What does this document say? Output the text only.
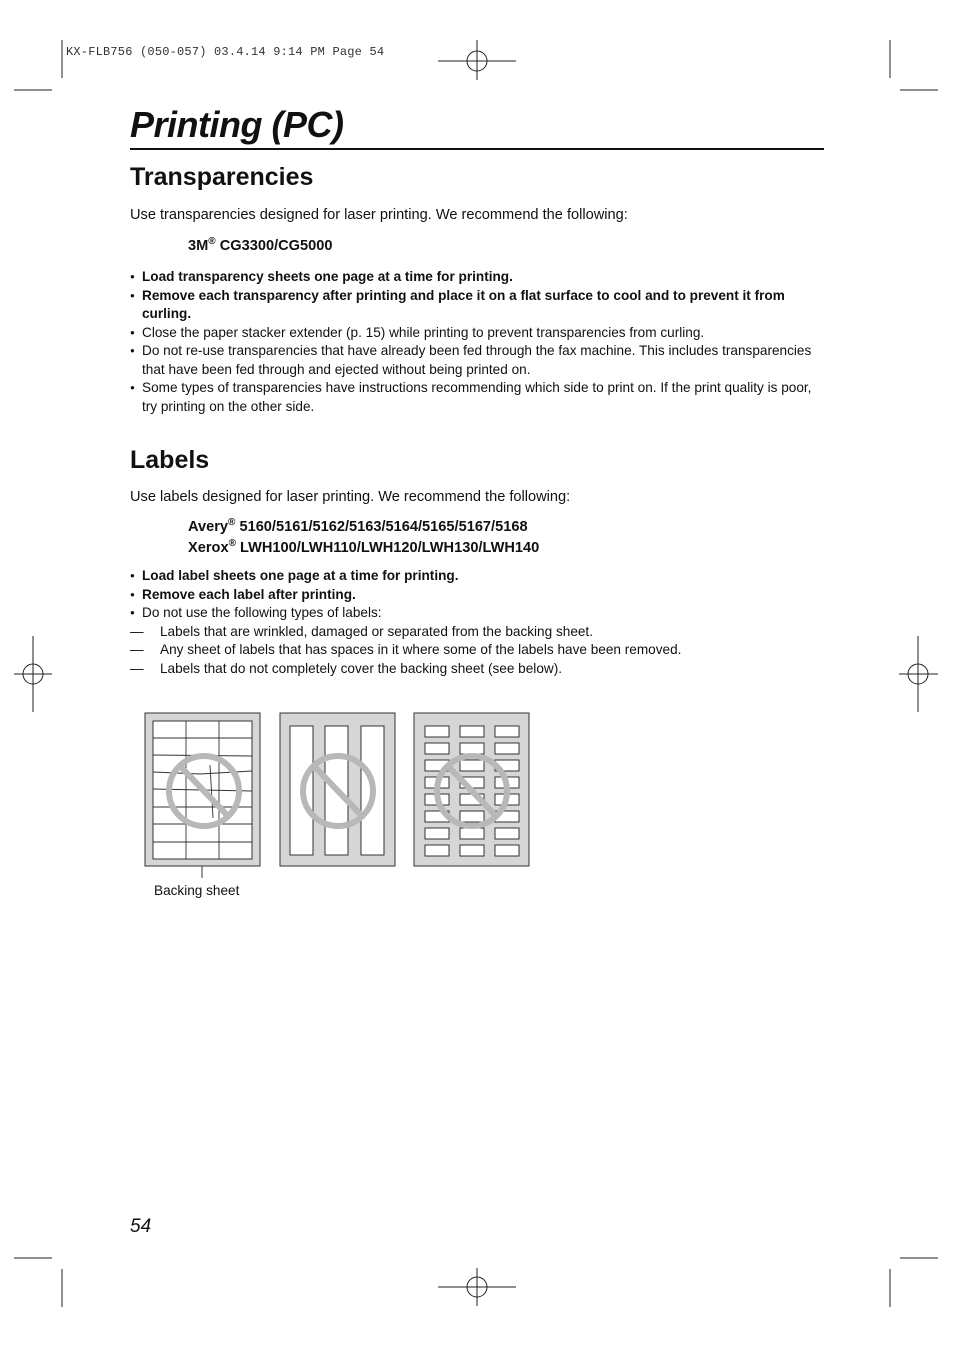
KX-FLB756 (050-057) 03.4.14 9:14 PM Page 54
Printing (PC)
Transparencies

Use transparencies designed for laser printing. We recommend the following:

3M® CG3300/CG5000

● Load transparency sheets one page at a time for printing.
● Remove each transparency after printing and place it on a flat surface to cool and to prevent it from curling.
● Close the paper stacker extender (p. 15) while printing to prevent transparencies from curling.
● Do not re-use transparencies that have already been fed through the fax machine. This includes transparencies that have been fed through and ejected without being printed on.
● Some types of transparencies have instructions recommending which side to print on. If the print quality is poor, try printing on the other side.
Labels

Use labels designed for laser printing. We recommend the following:

Avery® 5160/5161/5162/5163/5164/5165/5167/5168

Xerox® LWH100/LWH110/LWH120/LWH130/LWH140

● Load label sheets one page at a time for printing.
● Remove each label after printing.
● Do not use the following types of labels:
— Labels that are wrinkled, damaged or separated from the backing sheet.
— Any sheet of labels that has spaces in it where some of the labels have been removed.
— Labels that do not completely cover the backing sheet (see below).
Backing sheet
54
